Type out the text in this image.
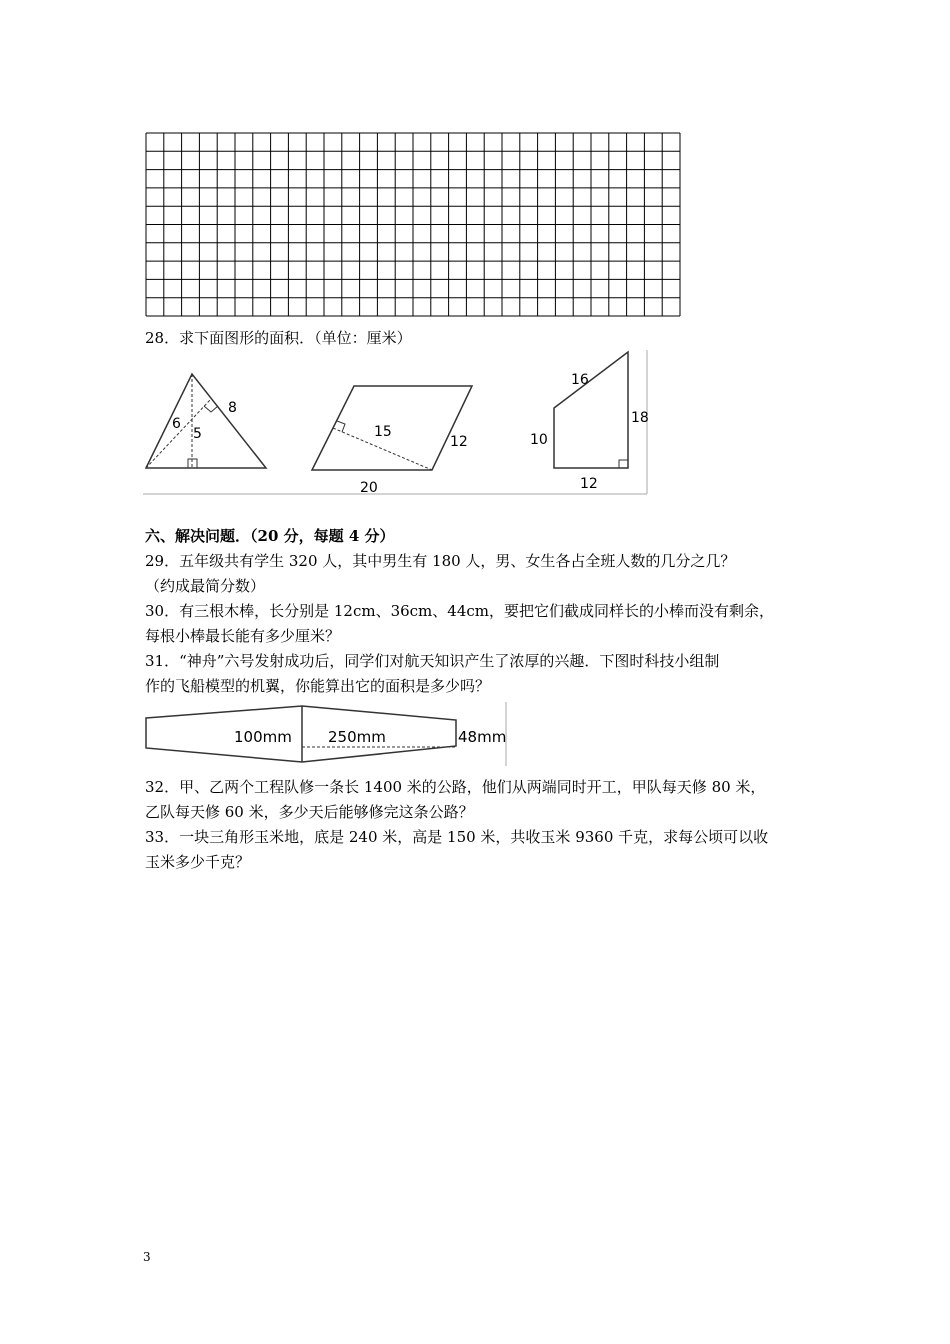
28．求下面图形的面积．（单位：厘米）
8
6
5	15
12
20
16
18
10
12
六、解决问题．（20 分，每题 4 分）
29．五年级共有学生 320 人，其中男生有 180 人，男、女生各占全班人数的几分之几？
（约成最简分数）
30．有三根木棒，长分别是 12cm、36cm、44cm，要把它们截成同样长的小棒而没有剩余，
每根小棒最长能有多少厘米？
31．“神舟”六号发射成功后，同学们对航天知识产生了浓厚的兴趣．下图时科技小组制
作的飞船模型的机翼，你能算出它的面积是多少吗？
100mm 250mm	48mm
32．甲、乙两个工程队修一条长 1400 米的公路，他们从两端同时开工，甲队每天修 80 米，
乙队每天修 60 米，多少天后能够修完这条公路？
33．一块三角形玉米地，底是 240 米，高是 150 米，共收玉米 9360 千克，求每公顷可以收
玉米多少千克？
3
